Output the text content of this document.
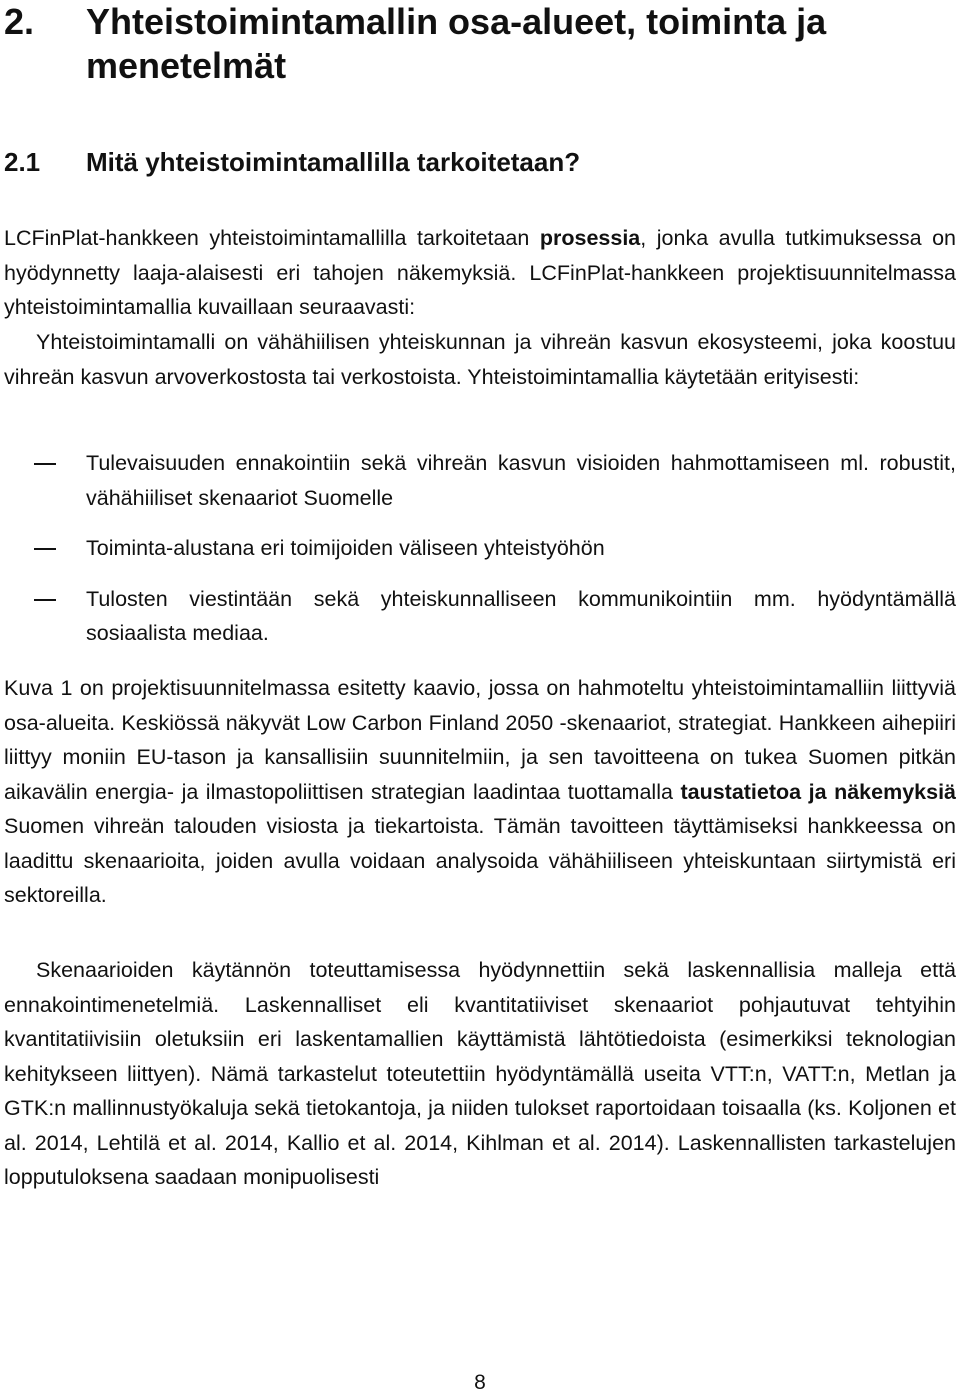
2. Yhteistoimintamallin osa-alueet, toiminta ja menetelmät
2.1 Mitä yhteistoimintamallilla tarkoitetaan?

LCFinPlat-hankkeen yhteistoimintamallilla tarkoitetaan prosessia, jonka avulla tutkimuksessa on hyödynnetty laaja-alaisesti eri tahojen näkemyksiä. LCFinPlat-hankkeen projektisuunnitelmassa yhteistoimintamallia kuvaillaan seuraavasti:

Yhteistoimintamalli on vähähiilisen yhteiskunnan ja vihreän kasvun ekosysteemi, joka koostuu vihreän kasvun arvoverkostosta tai verkostoista. Yhteistoimintamallia käytetään erityisesti:

Tulevaisuuden ennakointiin sekä vihreän kasvun visioiden hahmottamiseen ml. robustit, vähähiiliset skenaariot Suomelle
Toiminta-alustana eri toimijoiden väliseen yhteistyöhön
Tulosten viestintään sekä yhteiskunnalliseen kommunikointiin mm. hyödyntämällä sosiaalista mediaa.

Kuva 1 on projektisuunnitelmassa esitetty kaavio, jossa on hahmoteltu yhteistoimintamalliin liittyviä osa-alueita. Keskiössä näkyvät Low Carbon Finland 2050 -skenaariot, strategiat. Hankkeen aihepiiri liittyy moniin EU-tason ja kansallisiin suunnitelmiin, ja sen tavoitteena on tukea Suomen pitkän aikavälin energia- ja ilmastopoliittisen strategian laadintaa tuottamalla taustatietoa ja näkemyksiä Suomen vihreän talouden visiosta ja tiekartoista. Tämän tavoitteen täyttämiseksi hankkeessa on laadittu skenaarioita, joiden avulla voidaan analysoida vähähiiliseen yhteiskuntaan siirtymistä eri sektoreilla.

Skenaarioiden käytännön toteuttamisessa hyödynnettiin sekä laskennallisia malleja että ennakointimenetelmiä. Laskennalliset eli kvantitatiiviset skenaariot pohjautuvat tehtyihin kvantitatiivisiin oletuksiin eri laskentamallien käyttämistä lähtötiedoista (esimerkiksi teknologian kehitykseen liittyen). Nämä tarkastelut toteutettiin hyödyntämällä useita VTT:n, VATT:n, Metlan ja GTK:n mallinnustyökaluja sekä tietokantoja, ja niiden tulokset raportoidaan toisaalla (ks. Koljonen et al. 2014, Lehtilä et al. 2014, Kallio et al. 2014, Kihlman et al. 2014). Laskennallisten tarkastelujen lopputuloksena saadaan monipuolisesti

8
